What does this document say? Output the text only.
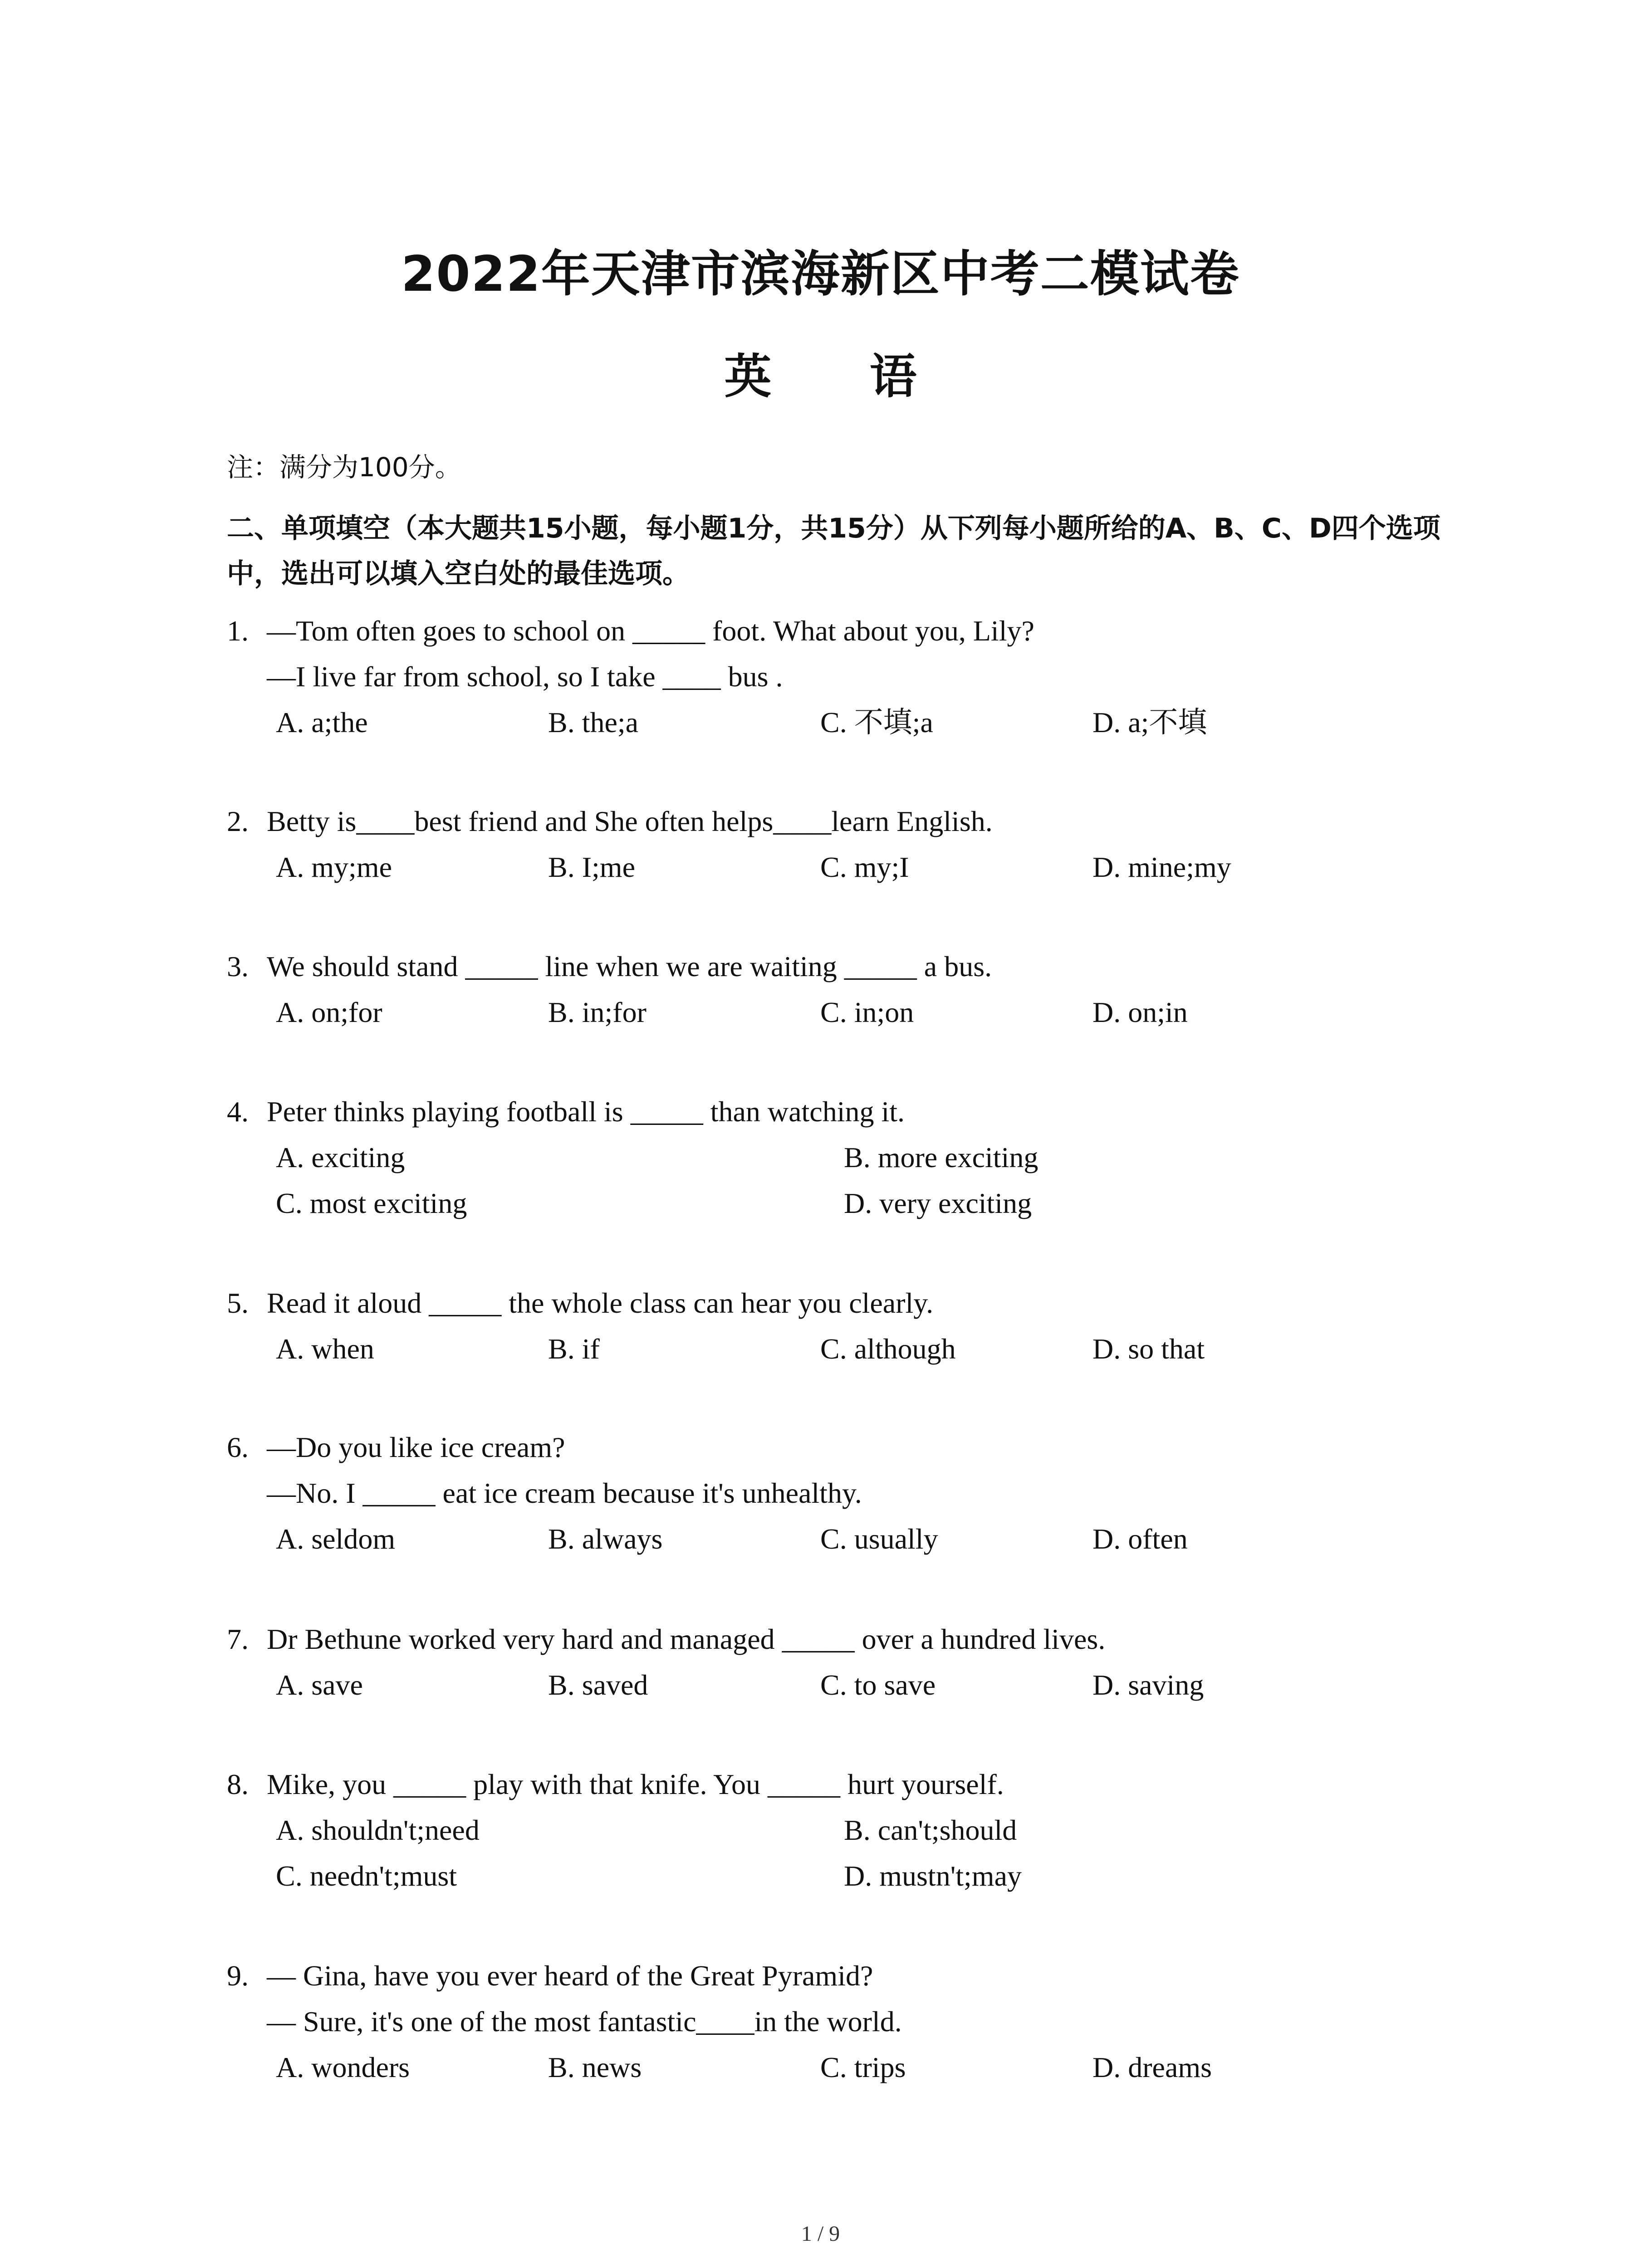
2022年天津市滨海新区中考二模试卷
英 语
注：满分为100分。
二、单项填空（本大题共15小题，每小题1分，共15分）从下列每小题所给的A、B、C、D四个选项中，选出可以填入空白处的最佳选项。
1. —Tom often goes to school on _____ foot. What about you, Lily?
—I live far from school, so I take ____ bus .
A. a;the	B. the;a	C. 不填;a	D. a;不填
2. Betty is____best friend and She often helps____learn English.
A. my;me	B. I;me	C. my;I	D. mine;my
3. We should stand _____ line when we are waiting _____ a bus.
A. on;for	B. in;for	C. in;on	D. on;in
4. Peter thinks playing football is _____ than watching it.
A. exciting	B. more exciting
C. most exciting	D. very exciting
5. Read it aloud _____ the whole class can hear you clearly.
A. when	B. if	C. although	D. so that
6. —Do you like ice cream?
—No. I _____ eat ice cream because it's unhealthy.
A. seldom	B. always	C. usually	D. often
7. Dr Bethune worked very hard and managed _____ over a hundred lives.
A. save	B. saved	C. to save	D. saving
8. Mike, you _____ play with that knife. You _____ hurt yourself.
A. shouldn't;need	B. can't;should
C. needn't;must	D. mustn't;may
9. — Gina, have you ever heard of the Great Pyramid?
— Sure, it's one of the most fantastic____in the world.
A. wonders	B. news	C. trips	D. dreams
1 / 9
